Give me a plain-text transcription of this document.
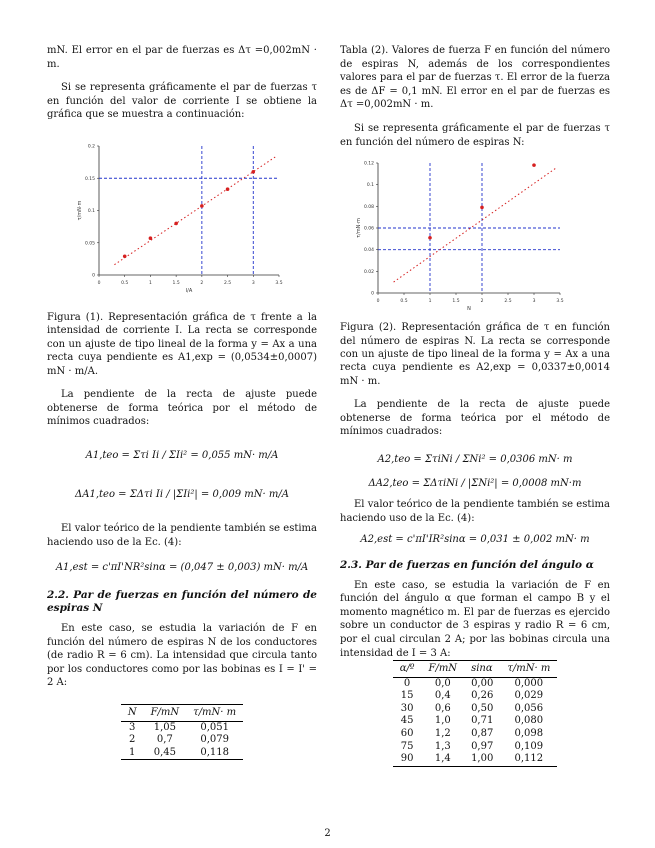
mN. El error en el par de fuerzas es Δτ =0,002mN · m.

Si se representa gráficamente el par de fuerzas τ en función del valor de corriente I se obtiene la gráfica que se muestra a continuación:

0	0.5	1	1.5	2	2.5	3	3.5
0
0.05
0.1
0.15
0.2
I/A
τ/mN·m

Figura (1). Representación gráfica de τ frente a la intensidad de corriente I. La recta se corresponde con un ajuste de tipo lineal de la forma y = Ax a una recta cuya pendiente es A1,exp = (0,0534±0,0007) mN · m/A.

La pendiente de la recta de ajuste puede obtenerse de forma teórica por el método de mínimos cuadrados:

A1,teo = Στi Ii / ΣIi² = 0,055 mN· m/A
ΔA1,teo = ΣΔτi Ii / |ΣIi²| = 0,009 mN· m/A

El valor teórico de la pendiente también se estima haciendo uso de la Ec. (4):

A1,est = c'πI'NR²sinα = (0,047 ± 0,003) mN· m/A

2.2. Par de fuerzas en función del número de espiras N

En este caso, se estudia la variación de F en función del número de espiras N de los conductores (de radio R = 6 cm). La intensidad que circula tanto por los conductores como por las bobinas es I = I' = 2 A:

N	F/mN	τ/mN· m
3	1,05	0,051
2	0,7	0,079
1	0,45	0,118

Tabla (2). Valores de fuerza F en función del número de espiras N, además de los correspondientes valores para el par de fuerzas τ. El error de la fuerza es de ΔF = 0,1 mN. El error en el par de fuerzas es Δτ =0,002mN · m.

Si se representa gráficamente el par de fuerzas τ en función del número de espiras N:

0	0.5	1	1.5	2	2.5	3	3.5
0
0.02
0.04
0.06
0.08
0.1
0.12
N
τ/mN·m

Figura (2). Representación gráfica de τ en función del número de espiras N. La recta se corresponde con un ajuste de tipo lineal de la forma y = Ax a una recta cuya pendiente es A2,exp = 0,0337±0,0014 mN · m.

La pendiente de la recta de ajuste puede obtenerse de forma teórica por el método de mínimos cuadrados:

A2,teo = ΣτiNi / ΣNi² = 0,0306 mN· m
ΔA2,teo = ΣΔτiNi / |ΣNi²| = 0,0008 mN·m

El valor teórico de la pendiente también se estima haciendo uso de la Ec. (4):

A2,est = c'πI'IR²sinα = 0,031 ± 0,002 mN· m

2.3. Par de fuerzas en función del ángulo α

En este caso, se estudia la variación de F en función del ángulo α que forman el campo B y el momento magnético m. El par de fuerzas es ejercido sobre un conductor de 3 espiras y radio R = 6 cm, por el cual circulan 2 A; por las bobinas circula una intensidad de I = 3 A:

α/º	F/mN	sinα	τ/mN· m
0	0,0	0,00	0,000
15	0,4	0,26	0,029
30	0,6	0,50	0,056
45	1,0	0,71	0,080
60	1,2	0,87	0,098
75	1,3	0,97	0,109
90	1,4	1,00	0,112
2
